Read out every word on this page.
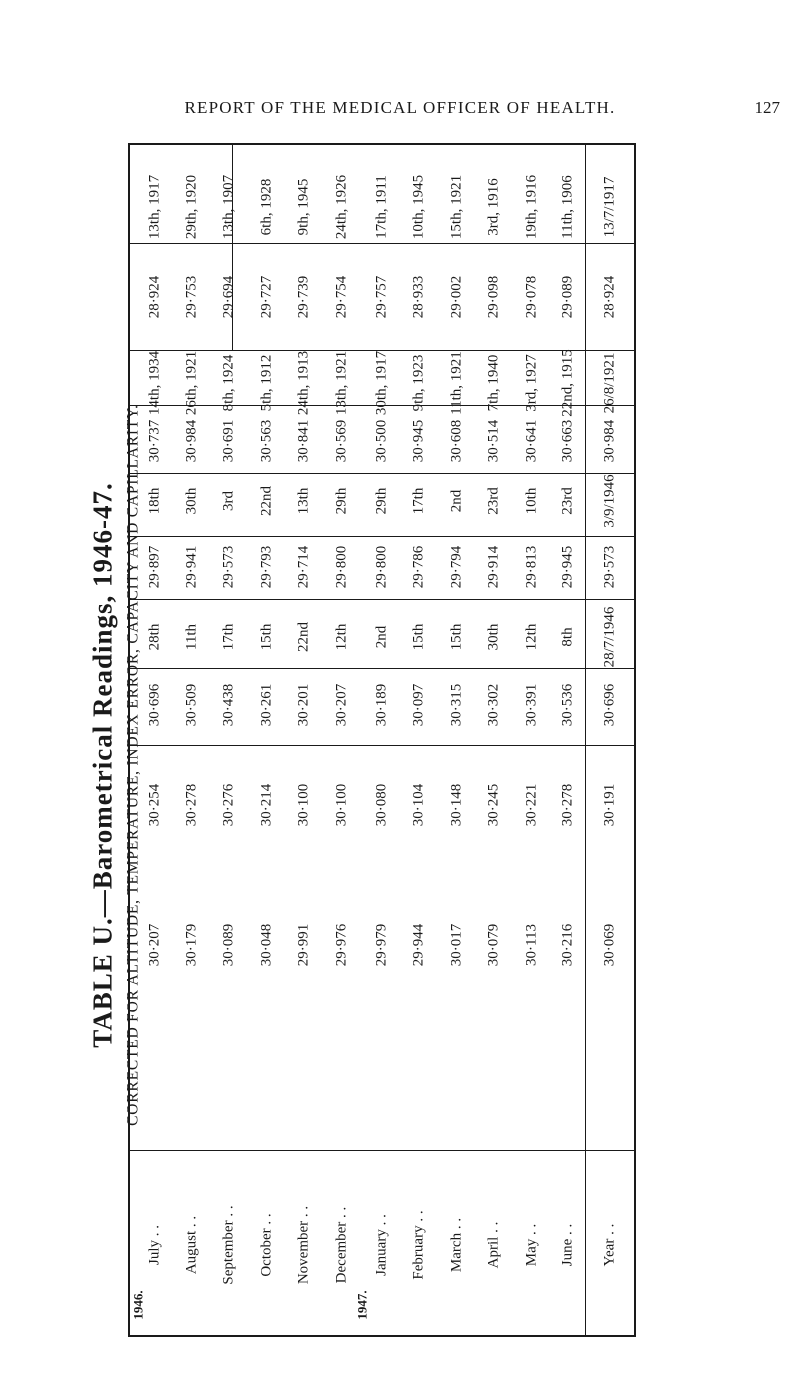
REPORT OF THE MEDICAL OFFICER OF HEALTH.	127
TABLE U.—Barometrical Readings, 1946-47. CORRECTED FOR ALTITUDE, TEMPERATURE, INDEX ERROR, CAPACITY AND CAPILLARITY.
13th, 1917
28·924
14th, 1934
30·737
18th
29·897
28th
30·696
30·254
30·207
July . .
29th, 1920
29·753
26th, 1921
30·984
30th
29·941
11th
30·509
30·278
30·179
August . .
13th, 1907
29·694
8th, 1924
30·691
3rd
29·573
17th
30·438
30·276
30·089
September . .
6th, 1928
29·727
5th, 1912
30·563
22nd
29·793
15th
30·261
30·214
30·048
October . .
9th, 1945
29·739
24th, 1913
30·841
13th
29·714
22nd
30·201
30·100
29·991
November . .
24th, 1926
29·754
13th, 1921
30·569
29th
29·800
12th
30·207
30·100
29·976
December . .
17th, 1911
29·757
30th, 1917
30·500
29th
29·800
2nd
30·189
30·080
29·979
January . .
10th, 1945
28·933
9th, 1923
30·945
17th
29·786
15th
30·097
30·104
29·944
February . .
15th, 1921
29·002
11th, 1921
30·608
2nd
29·794
15th
30·315
30·148
30·017
March . .
3rd, 1916
29·098
7th, 1940
30·514
23rd
29·914
30th
30·302
30·245
30·079
April . .
19th, 1916
29·078
3rd, 1927
30·641
10th
29·813
12th
30·391
30·221
30·113
May . .
11th, 1906
29·089
22nd, 1915
30·663
23rd
29·945
8th
30·536
30·278
30·216
June . .
13/7/1917
28·924
26/8/1921
30·984
3/9/1946
29·573
28/7/1946
30·696
30·191
30·069
Year . .
1946.	1947.
